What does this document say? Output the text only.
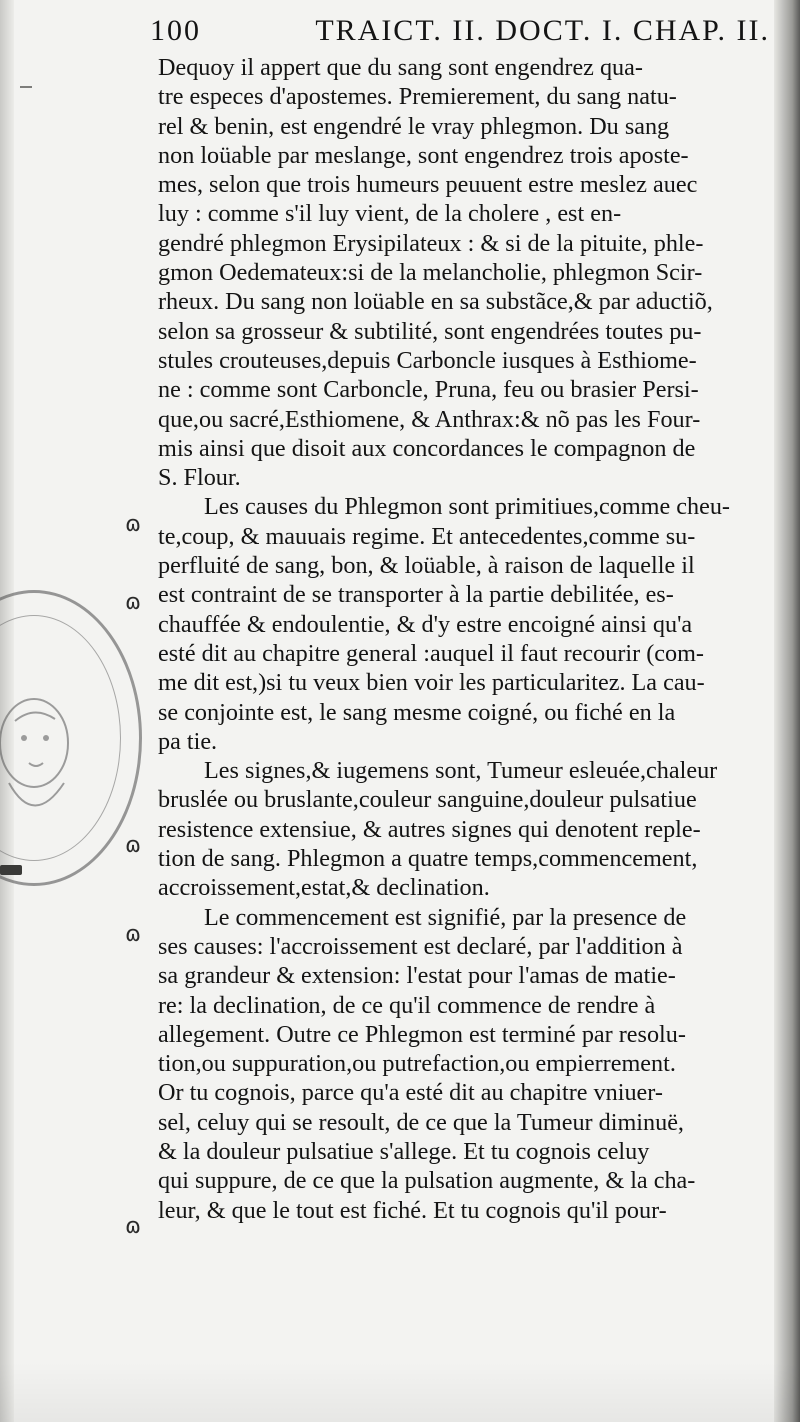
100	TRAICT. II. DOCT. I. CHAP. II.
ɷ
ɷ
ɷ
ɷ
ɷ
Dequoy il appert que du sang sont engendrez qua-
tre especes d'apostemes. Premierement, du sang natu-
rel & benin, est engendré le vray phlegmon. Du sang
non loüable par meslange, sont engendrez trois aposte-
mes, selon que trois humeurs peuuent estre meslez auec
luy : comme s'il luy vient, de la cholere , est en-
gendré phlegmon Erysipilateux : & si de la pituite, phle-
gmon Oedemateux:si de la melancholie, phlegmon Scir-
rheux. Du sang non loüable en sa substãce,& par aductiõ,
selon sa grosseur & subtilité, sont engendrées toutes pu-
stules crouteuses,depuis Carboncle iusques à Esthiome-
ne : comme sont Carboncle, Pruna, feu ou brasier Persi-
que,ou sacré,Esthiomene, & Anthrax:& nõ pas les Four-
mis ainsi que disoit aux concordances le compagnon de
S. Flour.
Les causes du Phlegmon sont primitiues,comme cheu-
te,coup, & mauuais regime. Et antecedentes,comme su-
perfluité de sang, bon, & loüable, à raison de laquelle il
est contraint de se transporter à la partie debilitée, es-
chauffée & endoulentie, & d'y estre encoigné ainsi qu'a
esté dit au chapitre general :auquel il faut recourir (com-
me dit est,)si tu veux bien voir les particularitez. La cau-
se conjointe est, le sang mesme coigné, ou fiché en la
pa tie.
Les signes,& iugemens sont, Tumeur esleuée,chaleur
bruslée ou bruslante,couleur sanguine,douleur pulsatiue
resistence extensiue, & autres signes qui denotent reple-
tion de sang. Phlegmon a quatre temps,commencement,
accroissement,estat,& declination.
Le commencement est signifié, par la presence de
ses causes: l'accroissement est declaré, par l'addition à
sa grandeur & extension: l'estat pour l'amas de matie-
re: la declination, de ce qu'il commence de rendre à
allegement. Outre ce Phlegmon est terminé par resolu-
tion,ou suppuration,ou putrefaction,ou empierrement.
Or tu cognois, parce qu'a esté dit au chapitre vniuer-
sel, celuy qui se resoult, de ce que la Tumeur diminuë,
& la douleur pulsatiue s'allege. Et tu cognois celuy
qui suppure, de ce que la pulsation augmente, & la cha-
leur, & que le tout est fiché. Et tu cognois qu'il pour-
